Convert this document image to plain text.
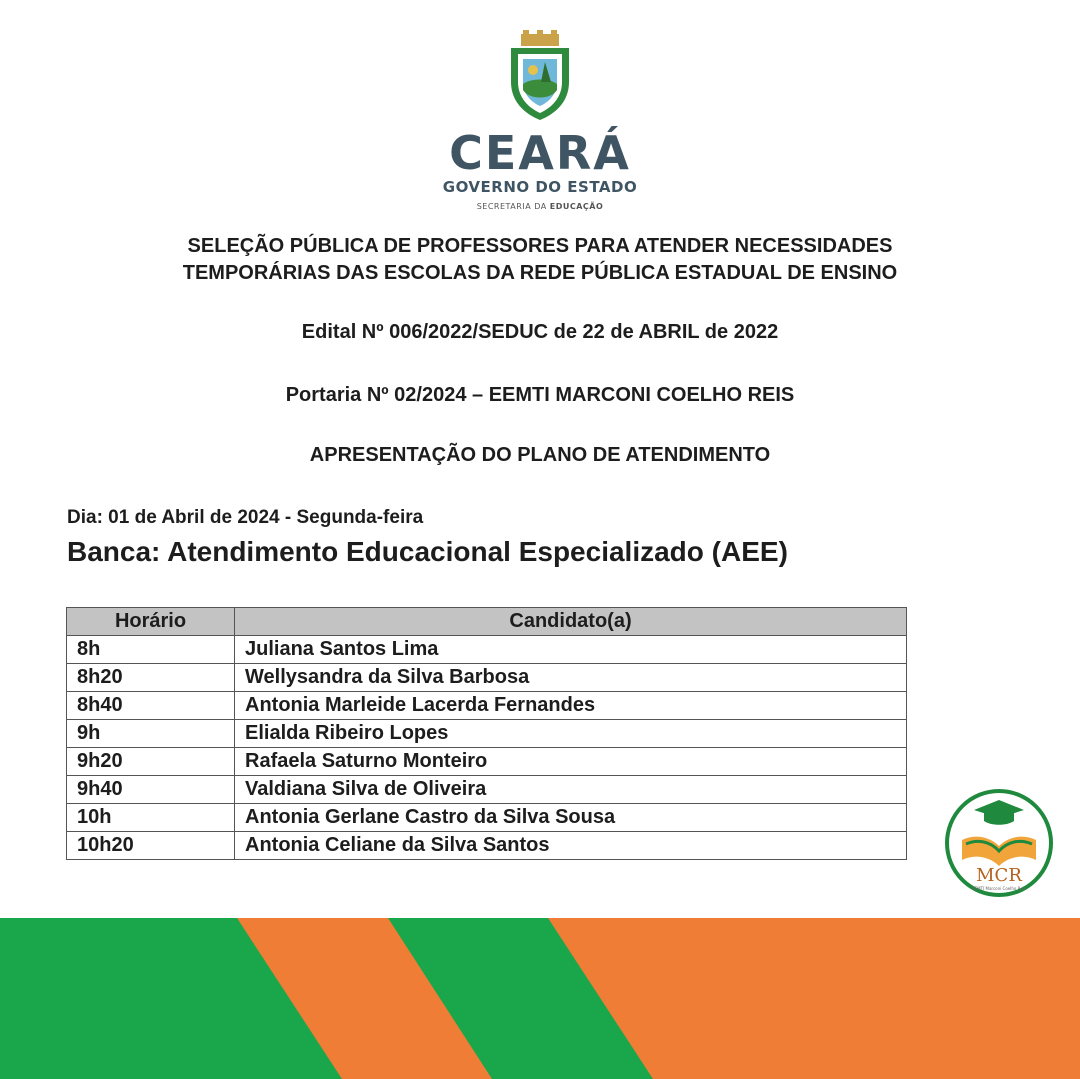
CEARÁ
GOVERNO DO ESTADO
SECRETARIA DA EDUCAÇÃO
SELEÇÃO PÚBLICA DE PROFESSORES PARA ATENDER NECESSIDADES
TEMPORÁRIAS DAS ESCOLAS DA REDE PÚBLICA ESTADUAL DE ENSINO
Edital Nº 006/2022/SEDUC de 22 de ABRIL de 2022
Portaria Nº 02/2024 – EEMTI MARCONI COELHO REIS
APRESENTAÇÃO DO PLANO DE ATENDIMENTO
Dia: 01 de Abril de 2024 - Segunda-feira
Banca: Atendimento Educacional Especializado (AEE)
Horário	Candidato(a)
8h	Juliana Santos Lima
8h20	Wellysandra da Silva Barbosa
8h40	Antonia Marleide Lacerda Fernandes
9h	Elialda Ribeiro Lopes
9h20	Rafaela Saturno Monteiro
9h40	Valdiana Silva de Oliveira
10h	Antonia Gerlane Castro da Silva Sousa
10h20	Antonia Celiane da Silva Santos
MCR
EEMTI Marconi Coelho Reis
